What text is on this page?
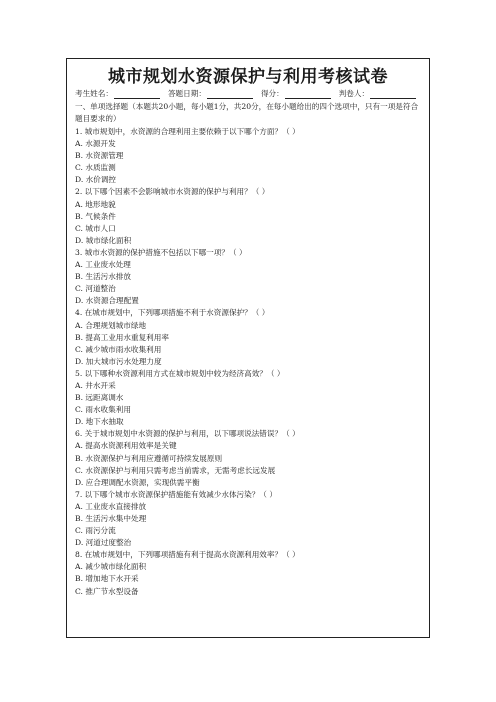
城市规划水资源保护与利用考核试卷
考生姓名：	答题日期：	得分：	判卷人：
一、单项选择题（本题共20小题，每小题1分，共20分，在每小题给出的四个选项中，只有一项是符合题目要求的）
1. 城市规划中，水资源的合理利用主要依赖于以下哪个方面？（ ）
A. 水源开发
B. 水资源管理
C. 水质监测
D. 水价调控
2. 以下哪个因素不会影响城市水资源的保护与利用？（ ）
A. 地形地貌
B. 气候条件
C. 城市人口
D. 城市绿化面积
3. 城市水资源的保护措施不包括以下哪一项？（ ）
A. 工业废水处理
B. 生活污水排放
C. 河道整治
D. 水资源合理配置
4. 在城市规划中，下列哪项措施不利于水资源保护？（ ）
A. 合理规划城市绿地
B. 提高工业用水重复利用率
C. 减少城市雨水收集利用
D. 加大城市污水处理力度
5. 以下哪种水资源利用方式在城市规划中较为经济高效？（ ）
A. 井水开采
B. 远距离调水
C. 雨水收集利用
D. 地下水抽取
6. 关于城市规划中水资源的保护与利用，以下哪项说法错误？（ ）
A. 提高水资源利用效率是关键
B. 水资源保护与利用应遵循可持续发展原则
C. 水资源保护与利用只需考虑当前需求，无需考虑长远发展
D. 应合理调配水资源，实现供需平衡
7. 以下哪个城市水资源保护措施能有效减少水体污染？（ ）
A. 工业废水直接排放
B. 生活污水集中处理
C. 雨污分流
D. 河道过度整治
8. 在城市规划中，下列哪项措施有利于提高水资源利用效率？（ ）
A. 减少城市绿化面积
B. 增加地下水开采
C. 推广节水型设备
